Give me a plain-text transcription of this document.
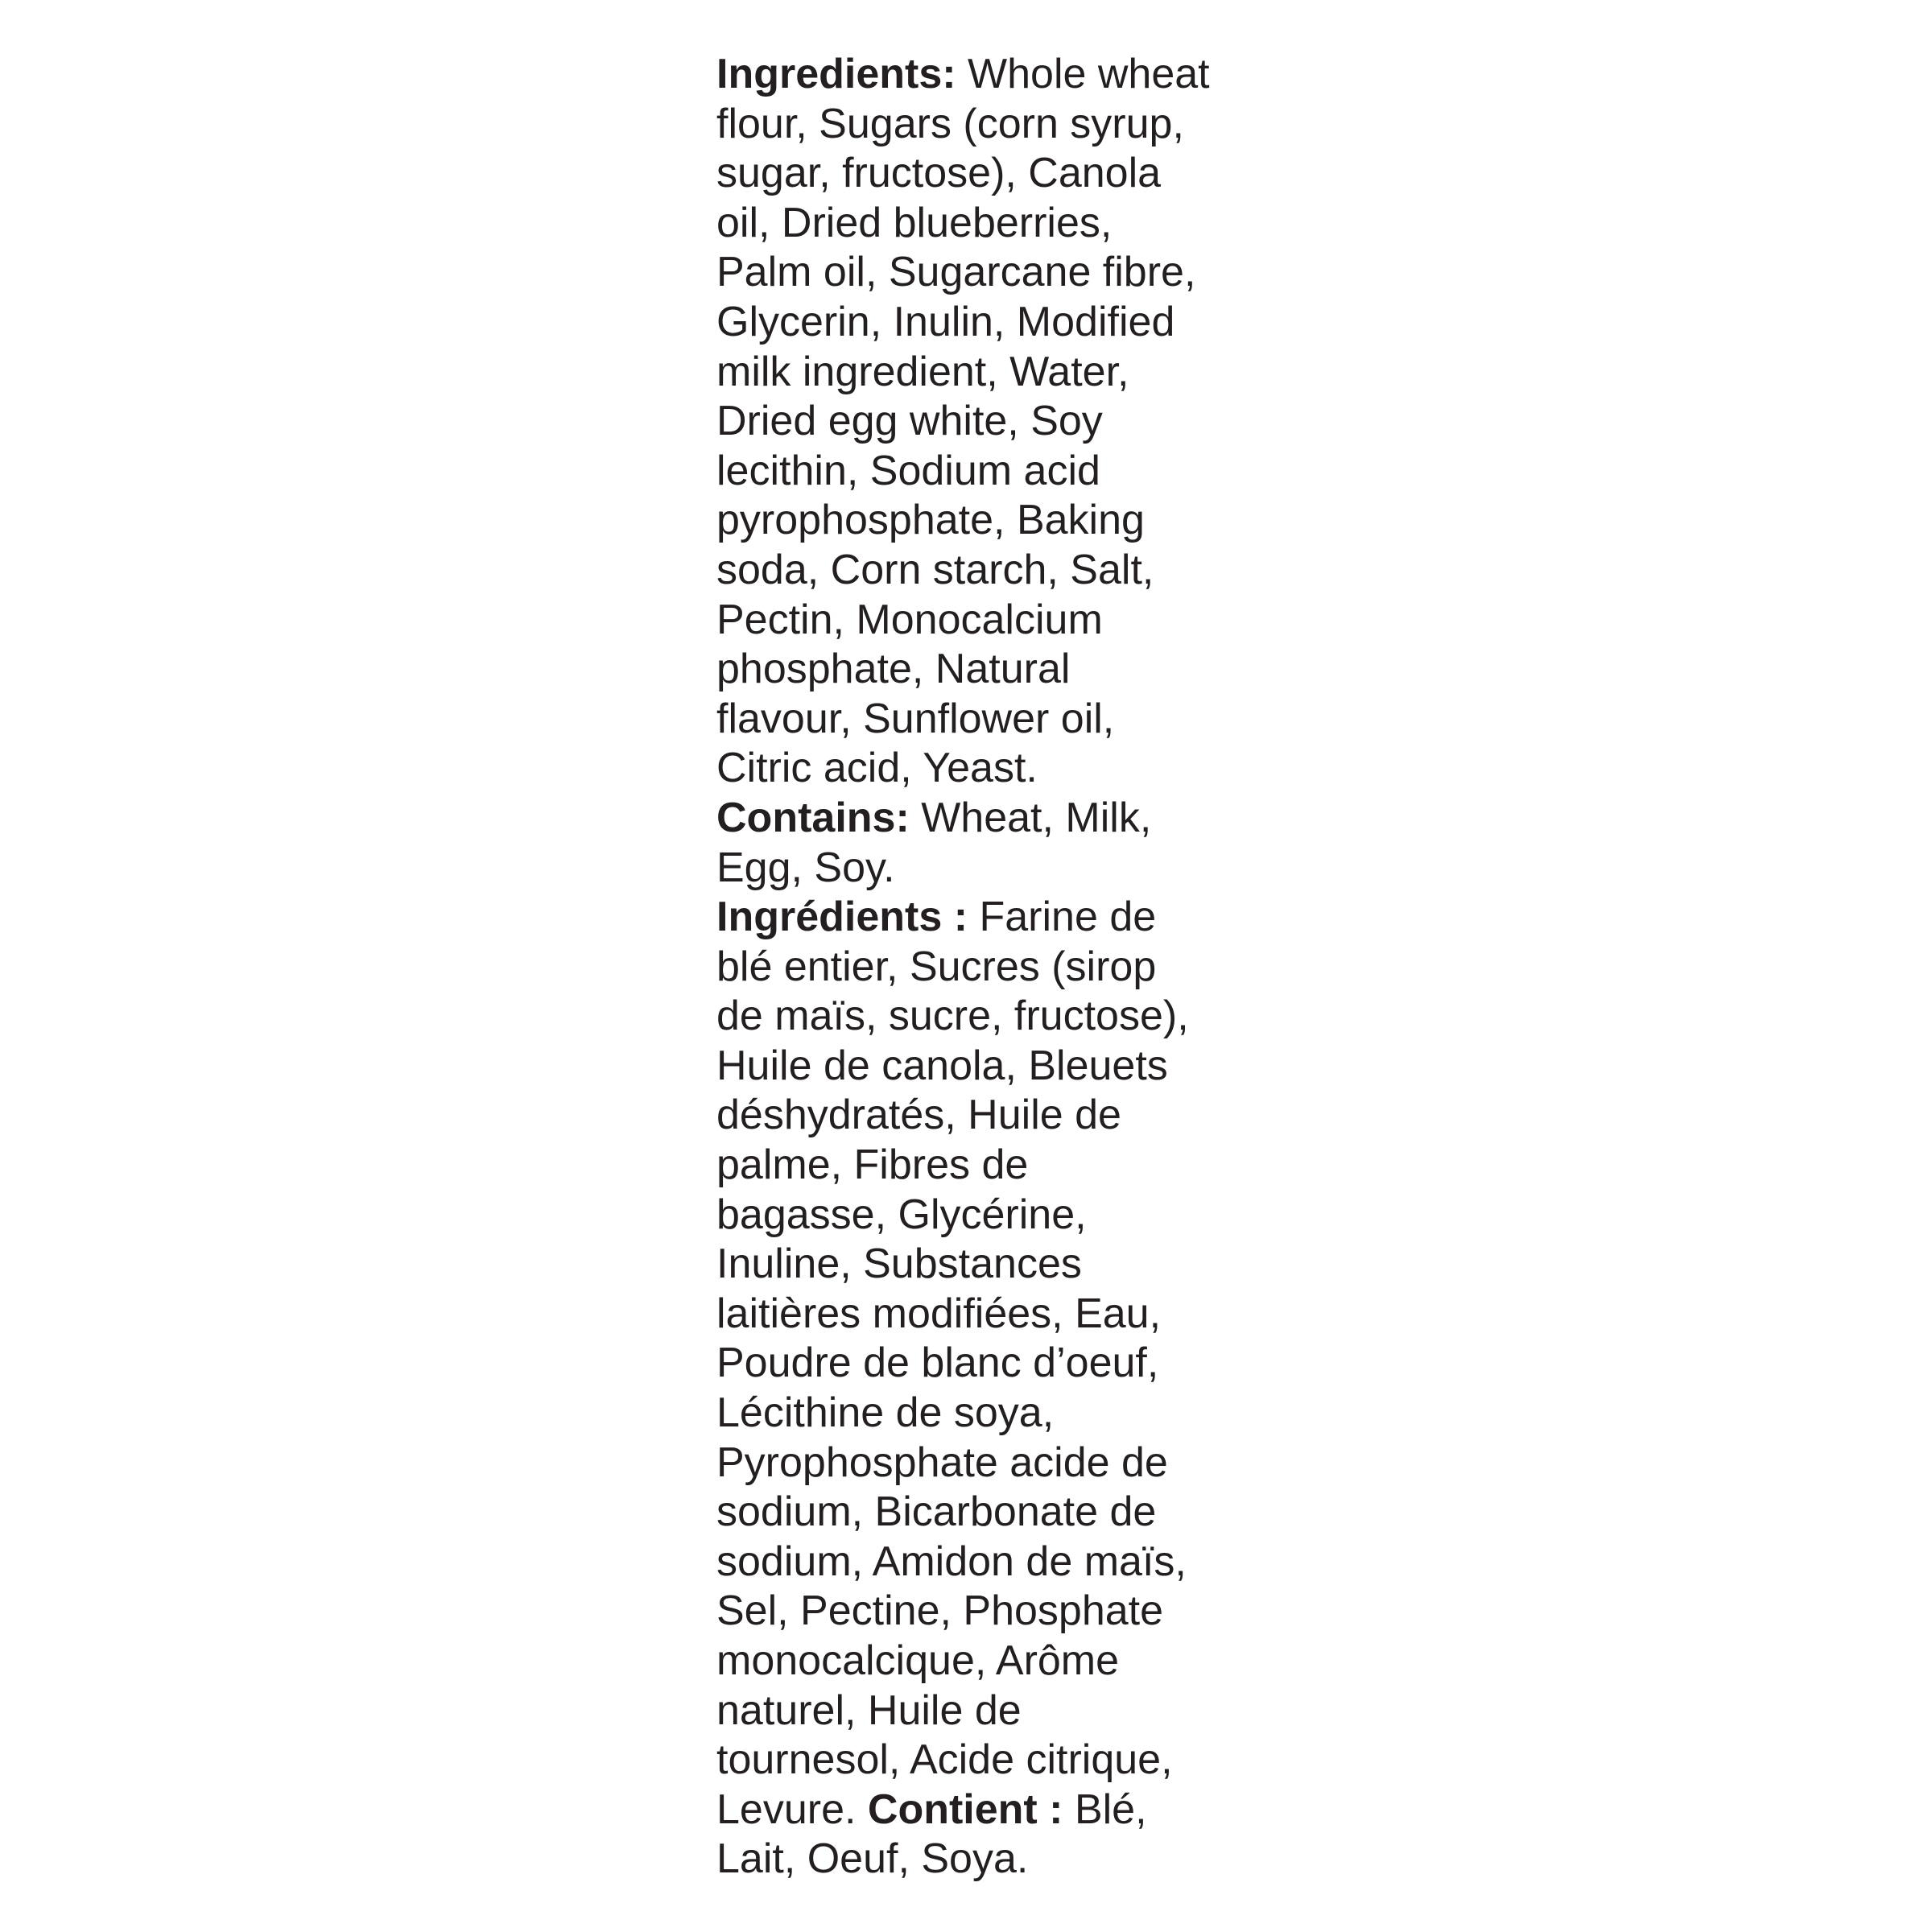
Ingredients: Whole wheat
flour, Sugars (corn syrup,
sugar, fructose), Canola
oil, Dried blueberries,
Palm oil, Sugarcane fibre,
Glycerin, Inulin, Modified
milk ingredient, Water,
Dried egg white, Soy
lecithin, Sodium acid
pyrophosphate, Baking
soda, Corn starch, Salt,
Pectin, Monocalcium
phosphate, Natural
flavour, Sunflower oil,
Citric acid, Yeast.
Contains: Wheat, Milk,
Egg, Soy.
Ingrédients : Farine de
blé entier, Sucres (sirop
de maïs, sucre, fructose),
Huile de canola, Bleuets
déshydratés, Huile de
palme, Fibres de
bagasse, Glycérine,
Inuline, Substances
laitières modifiées, Eau,
Poudre de blanc d’oeuf,
Lécithine de soya,
Pyrophosphate acide de
sodium, Bicarbonate de
sodium, Amidon de maïs,
Sel, Pectine, Phosphate
monocalcique, Arôme
naturel, Huile de
tournesol, Acide citrique,
Levure. Contient : Blé,
Lait, Oeuf, Soya.
